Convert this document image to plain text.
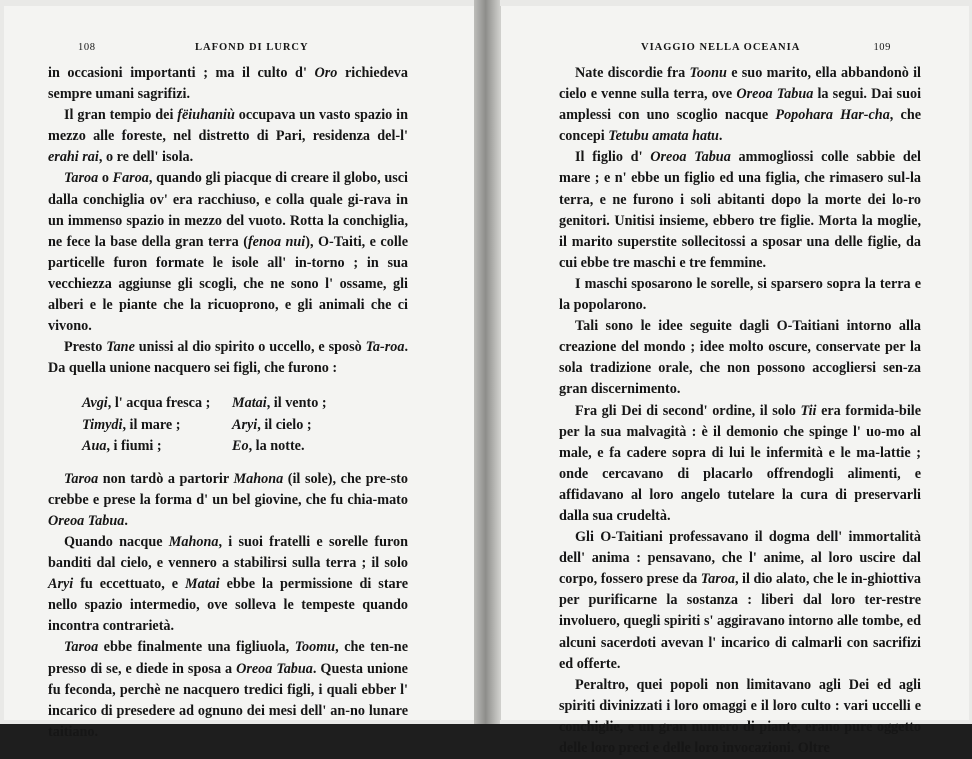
108	LAFOND DI LURCY

in occasioni importanti ; ma il culto d' Oro richiedeva sempre umani sagrifizi.

Il gran tempio dei fëiuhaniù occupava un vasto spazio in mezzo alle foreste, nel distretto di Pari, residenza del-l' erahi rai, o re dell' isola.

Taroa o Faroa, quando gli piacque di creare il globo, usci dalla conchiglia ov' era racchiuso, e colla quale gi-rava in un immenso spazio in mezzo del vuoto. Rotta la conchiglia, ne fece la base della gran terra (fenoa nui), O-Taiti, e colle particelle furon formate le isole all' in-torno ; in sua vecchiezza aggiunse gli scogli, che ne sono l' ossame, gli alberi e le piante che la ricuoprono, e gli animali che ci vivono.

Presto Tane unissi al dio spirito o uccello, e sposò Ta-roa. Da quella unione nacquero sei figli, che furono :

Avgi, l' acqua fresca ;	Matai, il vento ;
Timydi, il mare ;	Aryi, il cielo ;
Aua, i fiumi ;	Eo, la notte.

Taroa non tardò a partorir Mahona (il sole), che pre-sto crebbe e prese la forma d' un bel giovine, che fu chia-mato Oreoa Tabua.

Quando nacque Mahona, i suoi fratelli e sorelle furon banditi dal cielo, e vennero a stabilirsi sulla terra ; il solo Aryi fu eccettuato, e Matai ebbe la permissione di stare nello spazio intermedio, ove solleva le tempeste quando incontra contrarietà.

Taroa ebbe finalmente una figliuola, Toomu, che ten-ne presso di se, e diede in sposa a Oreoa Tabua. Questa unione fu feconda, perchè ne nacquero tredici figli, i quali ebber l' incarico di presedere ad ognuno dei mesi dell' an-no lunare taitiano.

VIAGGIO NELLA OCEANIA	109

Nate discordie fra Toonu e suo marito, ella abbandonò il cielo e venne sulla terra, ove Oreoa Tabua la segui. Dai suoi amplessi con uno scoglio nacque Popohara Har-cha, che concepi Tetubu amata hatu.

Il figlio d' Oreoa Tabua ammogliossi colle sabbie del mare ; e n' ebbe un figlio ed una figlia, che rimasero sul-la terra, e ne furono i soli abitanti dopo la morte dei lo-ro genitori. Unitisi insieme, ebbero tre figlie. Morta la moglie, il marito superstite sollecitossi a sposar una delle figlie, da cui ebbe tre maschi e tre femmine.

I maschi sposarono le sorelle, si sparsero sopra la terra e la popolarono.

Tali sono le idee seguite dagli O-Taitiani intorno alla creazione del mondo ; idee molto oscure, conservate per la sola tradizione orale, che non possono accogliersi sen-za gran discernimento.

Fra gli Dei di second' ordine, il solo Tii era formida-bile per la sua malvagità : è il demonio che spinge l' uo-mo al male, e fa cadere sopra di lui le infermità e le ma-lattie ; onde cercavano di placarlo offrendogli alimenti, e affidavano al loro angelo tutelare la cura di preservarli dalla sua crudeltà.

Gli O-Taitiani professavano il dogma dell' immortalità dell' anima : pensavano, che l' anime, al loro uscire dal corpo, fossero prese da Taroa, il dio alato, che le in-ghiottiva per purificarne la sostanza : liberi dal loro ter-restre involuero, quegli spiriti s' aggiravano intorno alle tombe, ed alcuni sacerdoti avevan l' incarico di calmarli con sacrifizi ed offerte.

Peraltro, quei popoli non limitavano agli Dei ed agli spiriti divinizzati i loro omaggi e il loro culto : vari uccelli e conchiglie, e un gran numero di piante, erano pure oggetto delle loro preci e delle loro invocazioni. Oltre
